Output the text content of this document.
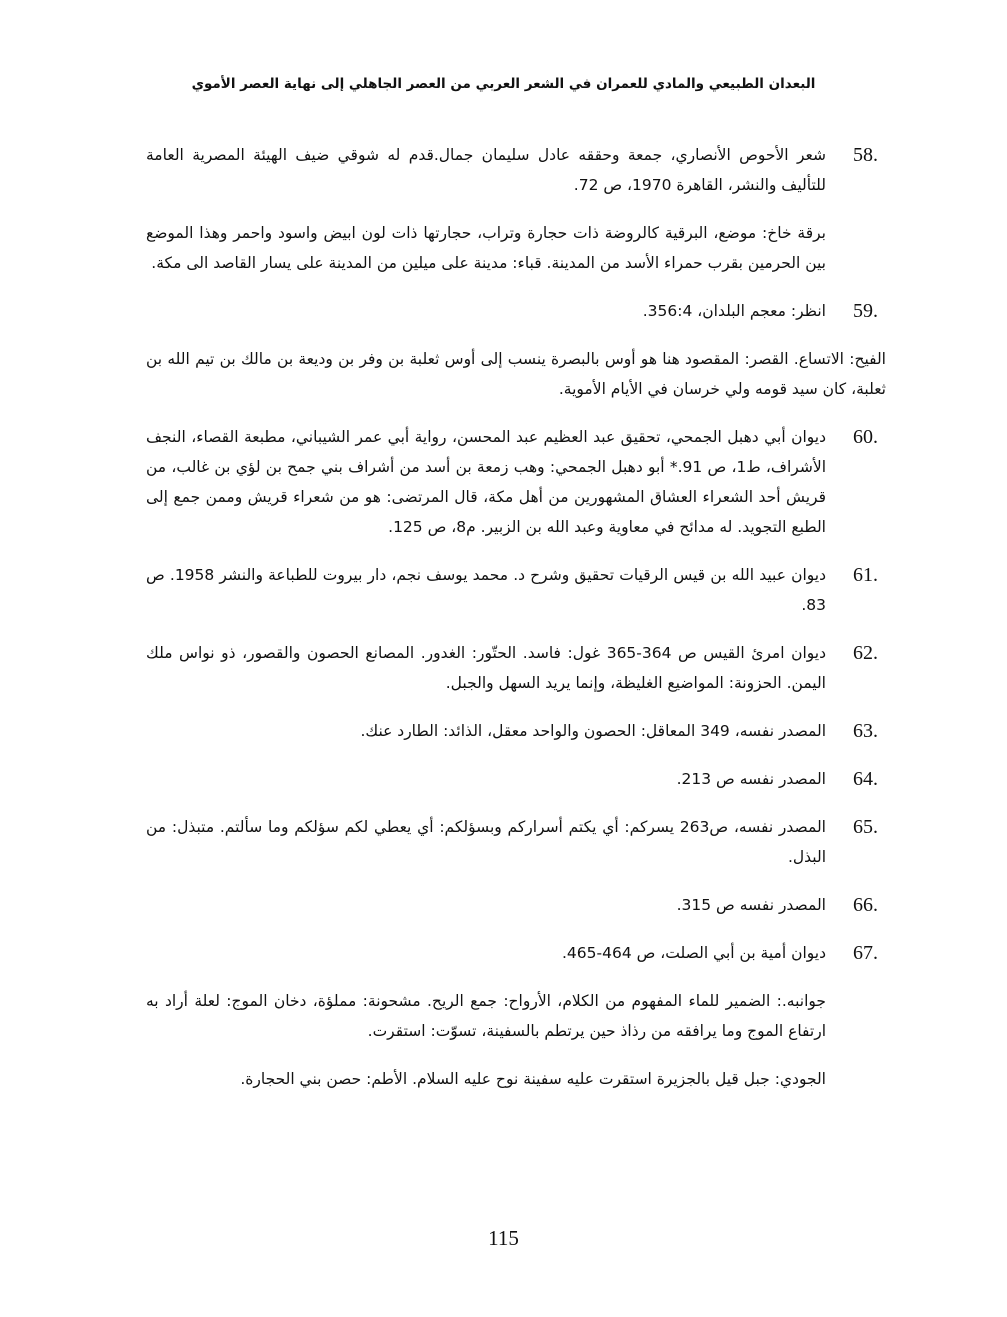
البعدان الطبيعي والمادي للعمران في الشعر العربي من العصر الجاهلي إلى نهاية العصر الأموي
58.
شعر الأحوص الأنصاري، جمعة وحققه عادل سليمان جمال.قدم له شوقي ضيف الهيئة المصرية العامة للتأليف والنشر، القاهرة 1970، ص 72.
برقة خاخ: موضع، البرقية كالروضة ذات حجارة وتراب، حجارتها ذات لون ابيض واسود واحمر وهذا الموضع بين الحرمين بقرب حمراء الأسد من المدينة. قباء: مدينة على ميلين من المدينة على يسار القاصد الى مكة.
59.
انظر: معجم البلدان، 356:4.
الفيح: الاتساع. القصر: المقصود هنا هو أوس بالبصرة ينسب إلى أوس ثعلبة بن وفر بن وديعة بن مالك بن تيم الله بن ثعلبة، كان سيد قومه ولي خرسان في الأيام الأموية.
60.
ديوان أبي دهبل الجمحي، تحقيق عبد العظيم عبد المحسن، رواية أبي عمر الشيباني، مطبعة القصاء، النجف الأشراف، ط1، ص 91.* أبو دهبل الجمحي: وهب زمعة بن أسد من أشراف بني جمح بن لؤي بن غالب، من قريش أحد الشعراء العشاق المشهورين من أهل مكة، قال المرتضى: هو من شعراء قريش وممن جمع إلى الطبع التجويد. له مدائح في معاوية وعبد الله بن الزبير. م8، ص 125.
61.
ديوان عبيد الله بن قيس الرقيات تحقيق وشرح د. محمد يوسف نجم، دار بيروت للطباعة والنشر 1958. ص 83.
62.
ديوان امرئ القيس ص 364-365 غول: فاسد. الحتّور: الغدور. المصانع الحصون والقصور، ذو نواس ملك اليمن. الحزونة: المواضيع الغليظة، وإنما يريد السهل والجبل.
63.
المصدر نفسه، 349 المعاقل: الحصون والواحد معقل، الذائد: الطارد عنك.
64.
المصدر نفسه ص 213.
65.
المصدر نفسه، ص263 يسركم: أي يكتم أسراركم وبسؤلكم: أي يعطي لكم سؤلكم وما سألتم. متبذل: من البذل.
66.
المصدر نفسه ص 315.
67.
ديوان أمية بن أبي الصلت، ص 464-465.
جوانبه.: الضمير للماء المفهوم من الكلام، الأرواح: جمع الريح. مشحونة: مملؤة، دخان الموج: لعلة أراد به ارتفاع الموج وما يرافقه من رذاذ حين يرتطم بالسفينة، تسوّت: استقرت.
الجودي: جبل قيل بالجزيرة استقرت عليه سفينة نوح عليه السلام. الأطم: حصن بني الحجارة.
115
